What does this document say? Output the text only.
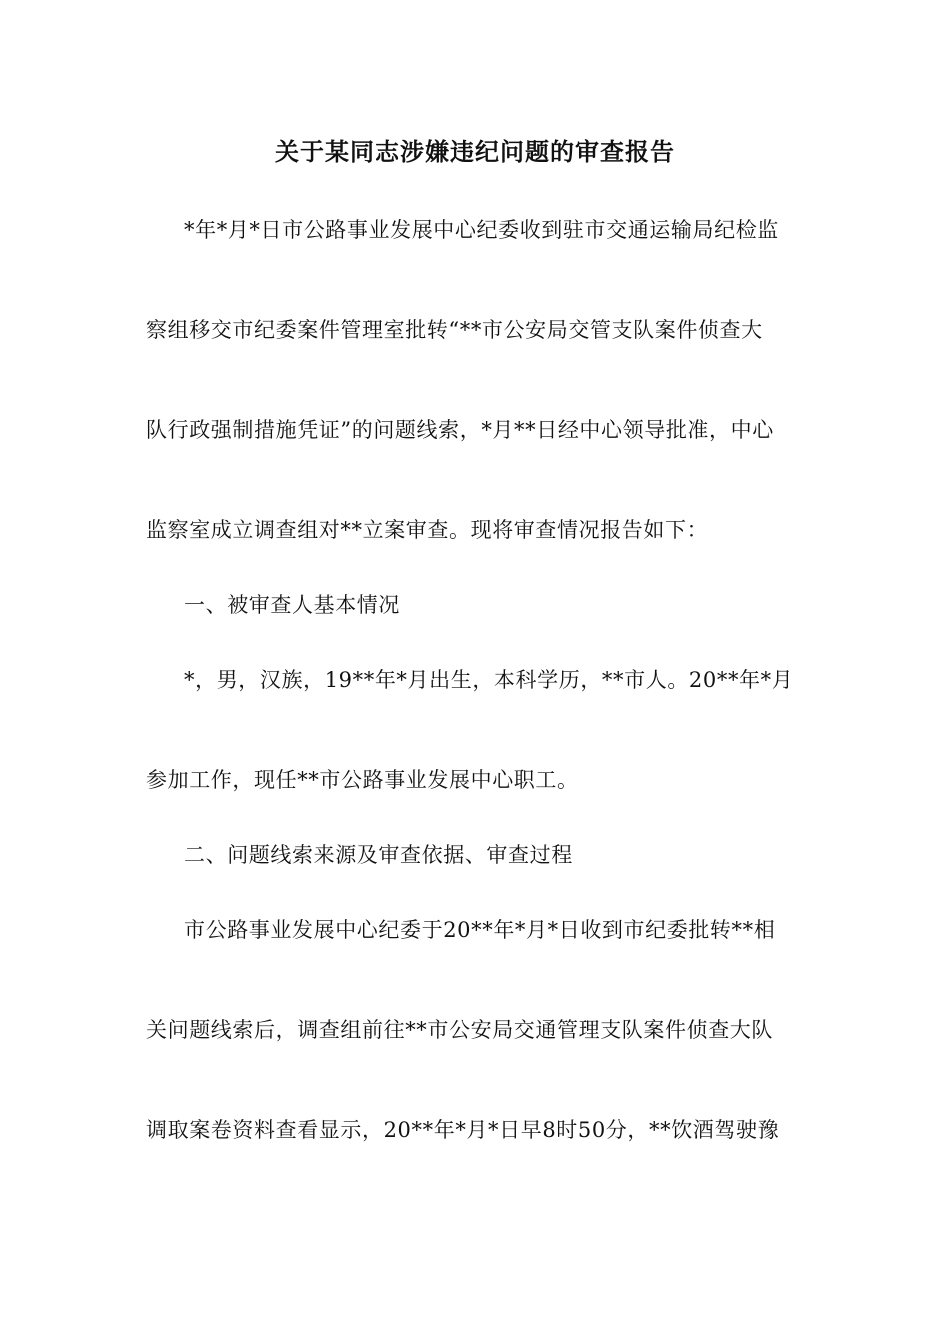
关于某同志涉嫌违纪问题的审查报告
*年*月*日市公路事业发展中心纪委收到驻市交通运输局纪检监
察组移交市纪委案件管理室批转“**市公安局交管支队案件侦查大
队行政强制措施凭证”的问题线索，*月**日经中心领导批准，中心
监察室成立调查组对**立案审查。现将审查情况报告如下：
一、被审查人基本情况
*，男，汉族，19**年*月出生，本科学历，**市人。20**年*月
参加工作，现任**市公路事业发展中心职工。
二、问题线索来源及审查依据、审查过程
市公路事业发展中心纪委于20**年*月*日收到市纪委批转**相
关问题线索后，调查组前往**市公安局交通管理支队案件侦查大队
调取案卷资料查看显示，20**年*月*日早8时50分，**饮酒驾驶豫
